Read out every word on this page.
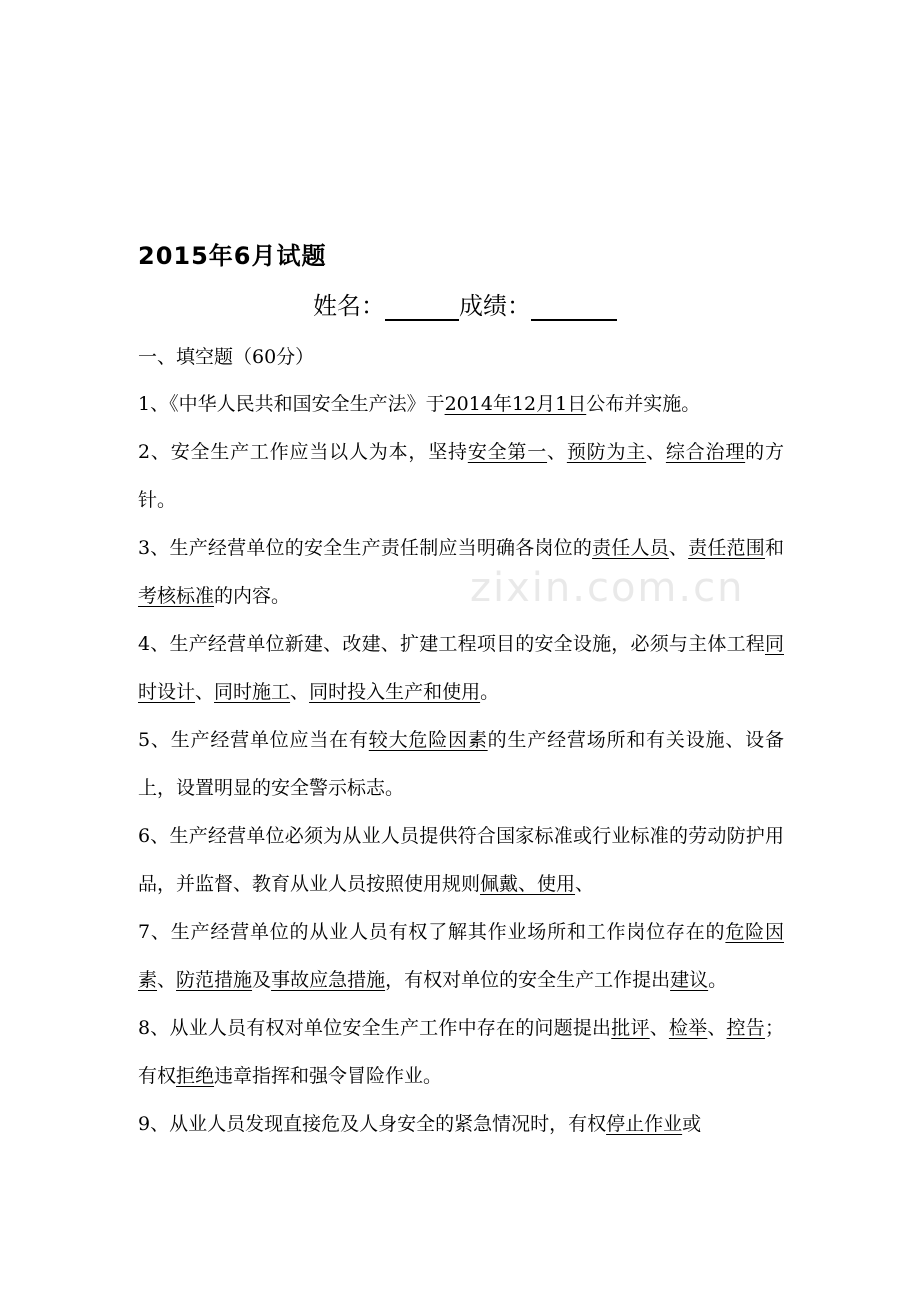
zixin.com.cn
2015年6月试题
姓名：	成绩：
一、填空题（60分）

1、《中华人民共和国安全生产法》于2014年12月1日公布并实施。

2、安全生产工作应当以人为本，坚持安全第一、预防为主、综合治理的方针。

3、生产经营单位的安全生产责任制应当明确各岗位的责任人员、责任范围和考核标准的内容。

4、生产经营单位新建、改建、扩建工程项目的安全设施，必须与主体工程同时设计、同时施工、同时投入生产和使用。

5、生产经营单位应当在有较大危险因素的生产经营场所和有关设施、设备上，设置明显的安全警示标志。

6、生产经营单位必须为从业人员提供符合国家标准或行业标准的劳动防护用品，并监督、教育从业人员按照使用规则佩戴、使用、

7、生产经营单位的从业人员有权了解其作业场所和工作岗位存在的危险因素、防范措施及事故应急措施，有权对单位的安全生产工作提出建议。

8、从业人员有权对单位安全生产工作中存在的问题提出批评、检举、控告；有权拒绝违章指挥和强令冒险作业。

9、从业人员发现直接危及人身安全的紧急情况时，有权停止作业或
